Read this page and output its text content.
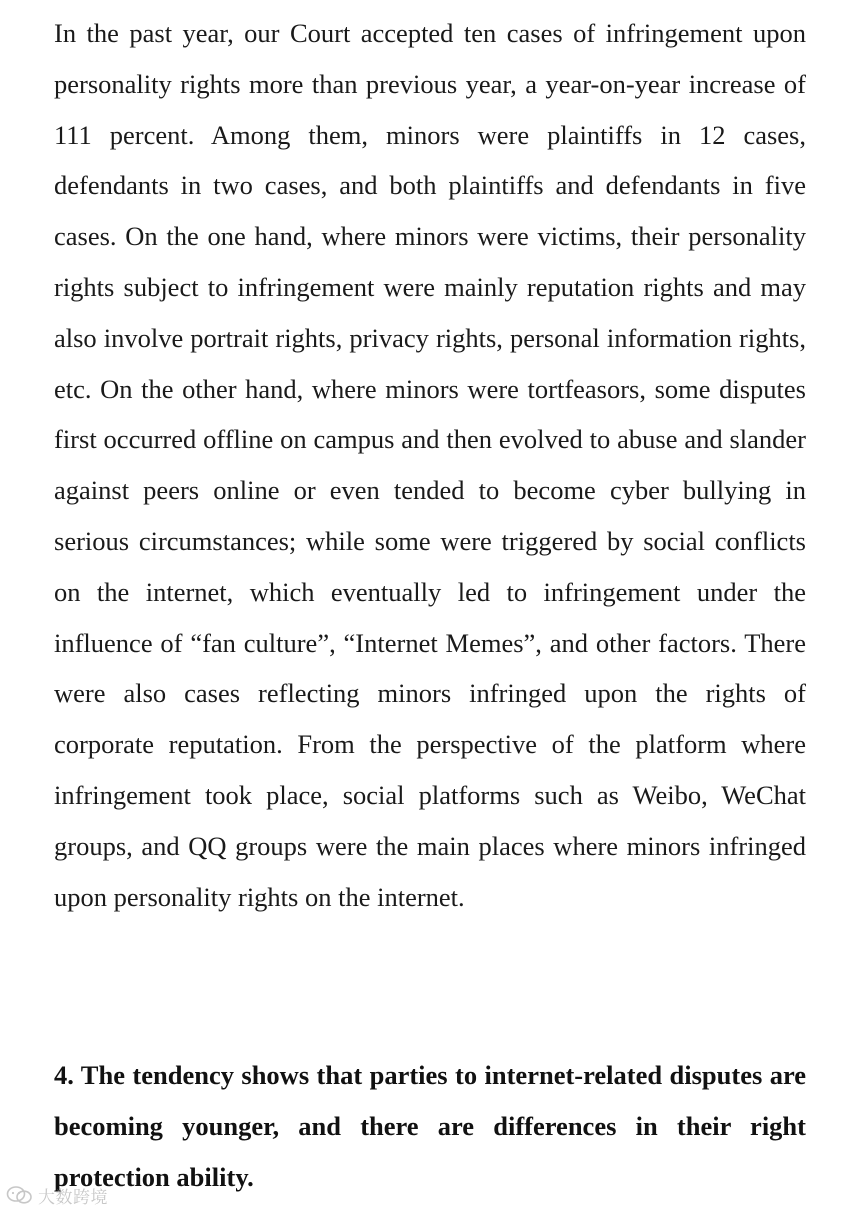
In the past year, our Court accepted ten cases of infringement upon personality rights more than previous year, a year-on-year increase of 111 percent. Among them, minors were plaintiffs in 12 cases, defendants in two cases, and both plaintiffs and defendants in five cases. On the one hand, where minors were victims, their personality rights subject to infringement were mainly reputation rights and may also involve portrait rights, privacy rights, personal information rights, etc. On the other hand, where minors were tortfeasors, some disputes first occurred offline on campus and then evolved to abuse and slander against peers online or even tended to become cyber bullying in serious circumstances; while some were triggered by social conflicts on the internet, which eventually led to infringement under the influence of “fan culture”, “Internet Memes”, and other factors. There were also cases reflecting minors infringed upon the rights of corporate reputation. From the perspective of the platform where infringement took place, social platforms such as Weibo, WeChat groups, and QQ groups were the main places where minors infringed upon personality rights on the internet.

4. The tendency shows that parties to internet-related disputes are becoming younger, and there are differences in their right protection ability.

大数跨境
